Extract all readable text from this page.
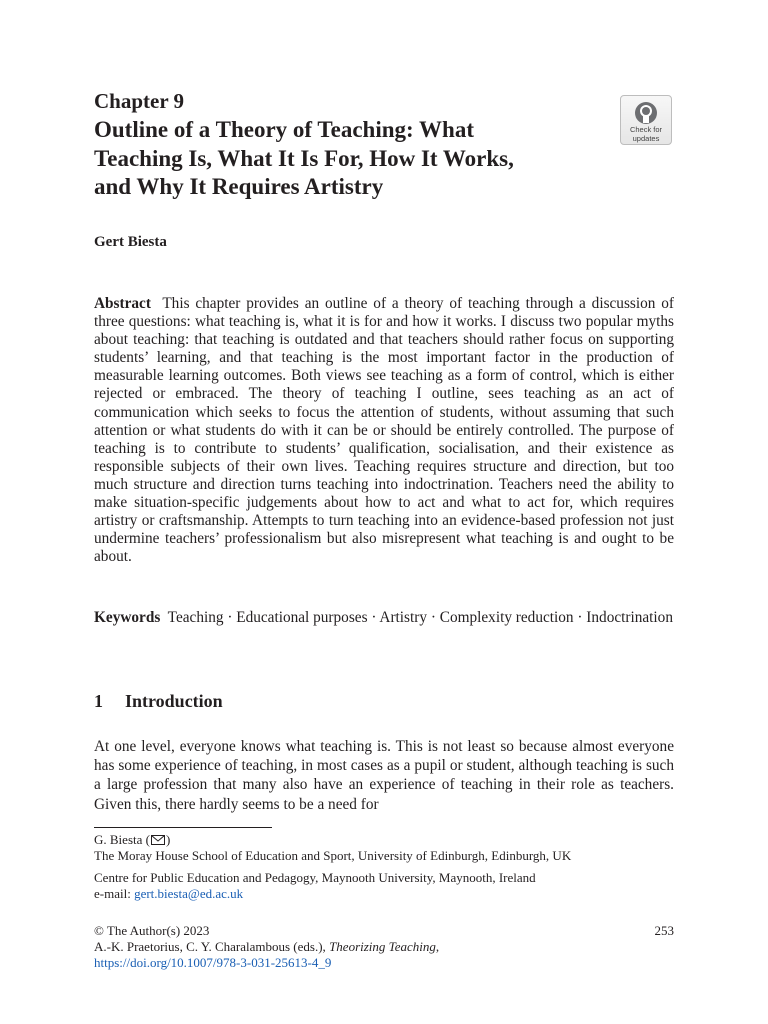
Chapter 9

Outline of a Theory of Teaching: What
Teaching Is, What It Is For, How It Works,
and Why It Requires Artistry
Check for
updates

Gert Biesta

Abstract This chapter provides an outline of a theory of teaching through a discussion of three questions: what teaching is, what it is for and how it works. I discuss two popular myths about teaching: that teaching is outdated and that teachers should rather focus on supporting students’ learning, and that teaching is the most important factor in the production of measurable learning outcomes. Both views see teaching as a form of control, which is either rejected or embraced. The theory of teaching I outline, sees teaching as an act of communication which seeks to focus the attention of students, without assuming that such attention or what students do with it can be or should be entirely controlled. The purpose of teaching is to contribute to students’ qualification, socialisation, and their existence as responsible subjects of their own lives. Teaching requires structure and direction, but too much structure and direction turns teaching into indoctrination. Teachers need the ability to make situation-specific judgements about how to act and what to act for, which requires artistry or craftsmanship. Attempts to turn teaching into an evidence-based profession not just undermine teachers’ professionalism but also misrepresent what teaching is and ought to be about.

Keywords Teaching · Educational purposes · Artistry · Complexity reduction · Indoctrination

1 Introduction

At one level, everyone knows what teaching is. This is not least so because almost everyone has some experience of teaching, in most cases as a pupil or student, although teaching is such a large profession that many also have an experience of teaching in their role as teachers. Given this, there hardly seems to be a need for

G. Biesta ( )
The Moray House School of Education and Sport, University of Edinburgh, Edinburgh, UK

Centre for Public Education and Pedagogy, Maynooth University, Maynooth, Ireland
e-mail: gert.biesta@ed.ac.uk

© The Author(s) 2023
A.-K. Praetorius, C. Y. Charalambous (eds.), Theorizing Teaching,
https://doi.org/10.1007/978-3-031-25613-4_9

253
